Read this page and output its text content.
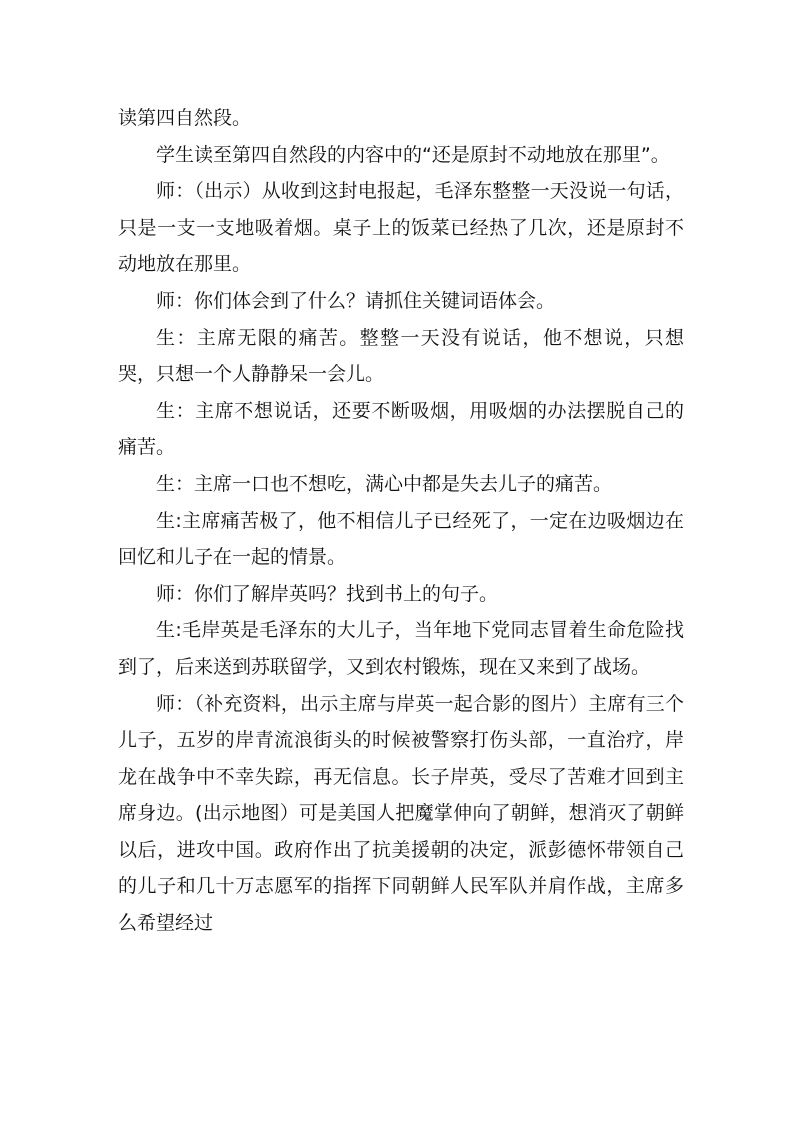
读第四自然段。

学生读至第四自然段的内容中的“还是原封不动地放在那里”。

师：（出示）从收到这封电报起，毛泽东整整一天没说一句话，只是一支一支地吸着烟。桌子上的饭菜已经热了几次，还是原封不动地放在那里。

师：你们体会到了什么？请抓住关键词语体会。

生：主席无限的痛苦。整整一天没有说话，他不想说，只想哭，只想一个人静静呆一会儿。

生：主席不想说话，还要不断吸烟，用吸烟的办法摆脱自己的痛苦。

生：主席一口也不想吃，满心中都是失去儿子的痛苦。

生:主席痛苦极了，他不相信儿子已经死了，一定在边吸烟边在回忆和儿子在一起的情景。

师：你们了解岸英吗？找到书上的句子。

生:毛岸英是毛泽东的大儿子，当年地下党同志冒着生命危险找到了，后来送到苏联留学，又到农村锻炼，现在又来到了战场。

师：（补充资料，出示主席与岸英一起合影的图片）主席有三个儿子，五岁的岸青流浪街头的时候被警察打伤头部，一直治疗，岸龙在战争中不幸失踪，再无信息。长子岸英，受尽了苦难才回到主席身边。(出示地图）可是美国人把魔掌伸向了朝鲜，想消灭了朝鲜以后，进攻中国。政府作出了抗美援朝的决定，派彭德怀带领自己的儿子和几十万志愿军的指挥下同朝鲜人民军队并肩作战，主席多么希望经过
